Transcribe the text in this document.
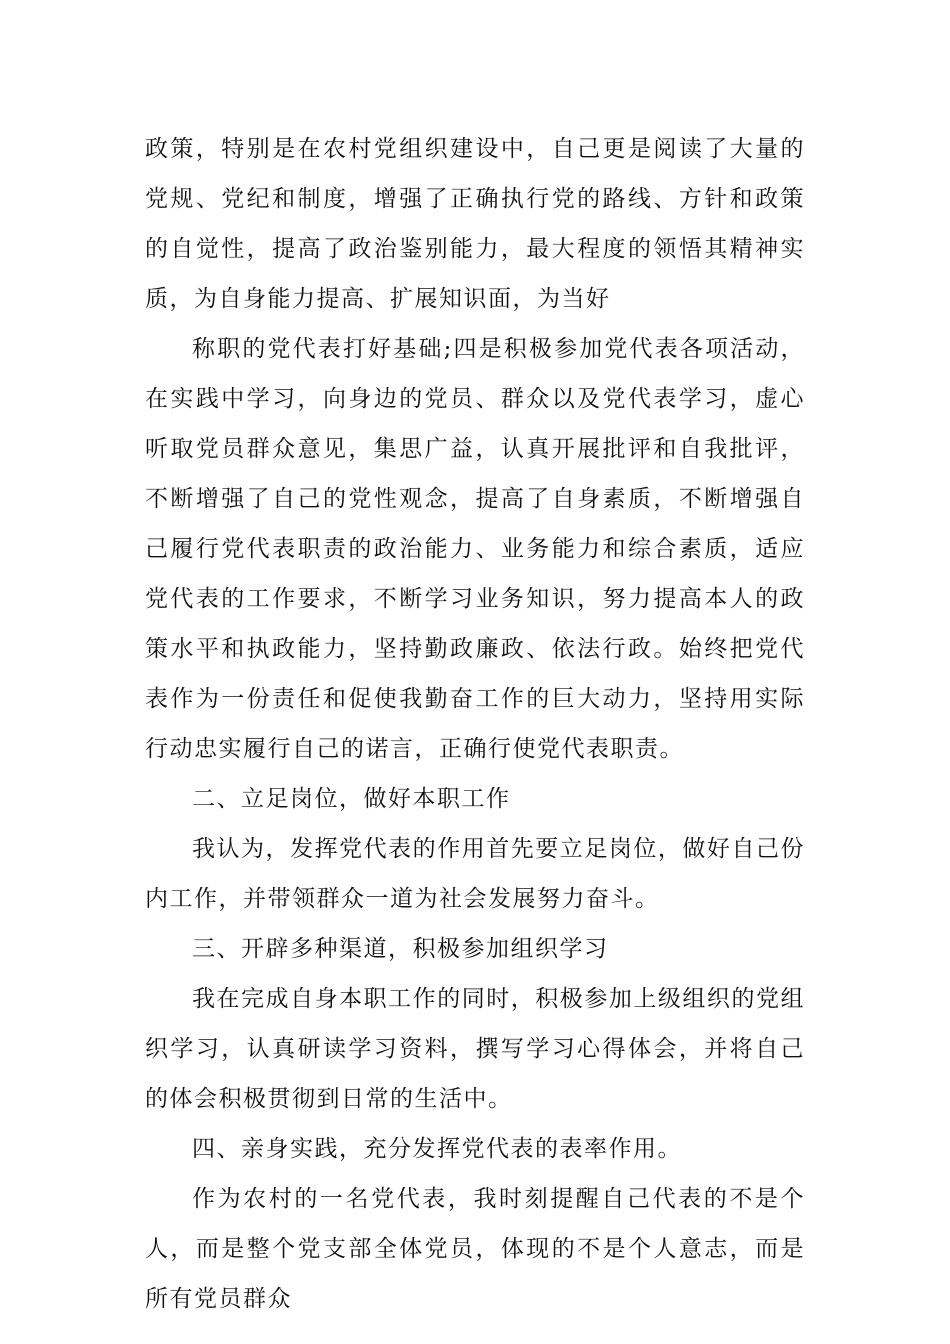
政策，特别是在农村党组织建设中，自己更是阅读了大量的党规、党纪和制度，增强了正确执行党的路线、方针和政策的自觉性，提高了政治鉴别能力，最大程度的领悟其精神实质，为自身能力提高、扩展知识面，为当好

称职的党代表打好基础;四是积极参加党代表各项活动，在实践中学习，向身边的党员、群众以及党代表学习，虚心听取党员群众意见，集思广益，认真开展批评和自我批评，不断增强了自己的党性观念，提高了自身素质，不断增强自己履行党代表职责的政治能力、业务能力和综合素质，适应党代表的工作要求，不断学习业务知识，努力提高本人的政策水平和执政能力，坚持勤政廉政、依法行政。始终把党代表作为一份责任和促使我勤奋工作的巨大动力，坚持用实际行动忠实履行自己的诺言，正确行使党代表职责。

二、立足岗位，做好本职工作

我认为，发挥党代表的作用首先要立足岗位，做好自己份内工作，并带领群众一道为社会发展努力奋斗。

三、开辟多种渠道，积极参加组织学习

我在完成自身本职工作的同时，积极参加上级组织的党组织学习，认真研读学习资料，撰写学习心得体会，并将自己的体会积极贯彻到日常的生活中。

四、亲身实践，充分发挥党代表的表率作用。

作为农村的一名党代表，我时刻提醒自己代表的不是个人，而是整个党支部全体党员，体现的不是个人意志，而是所有党员群众
